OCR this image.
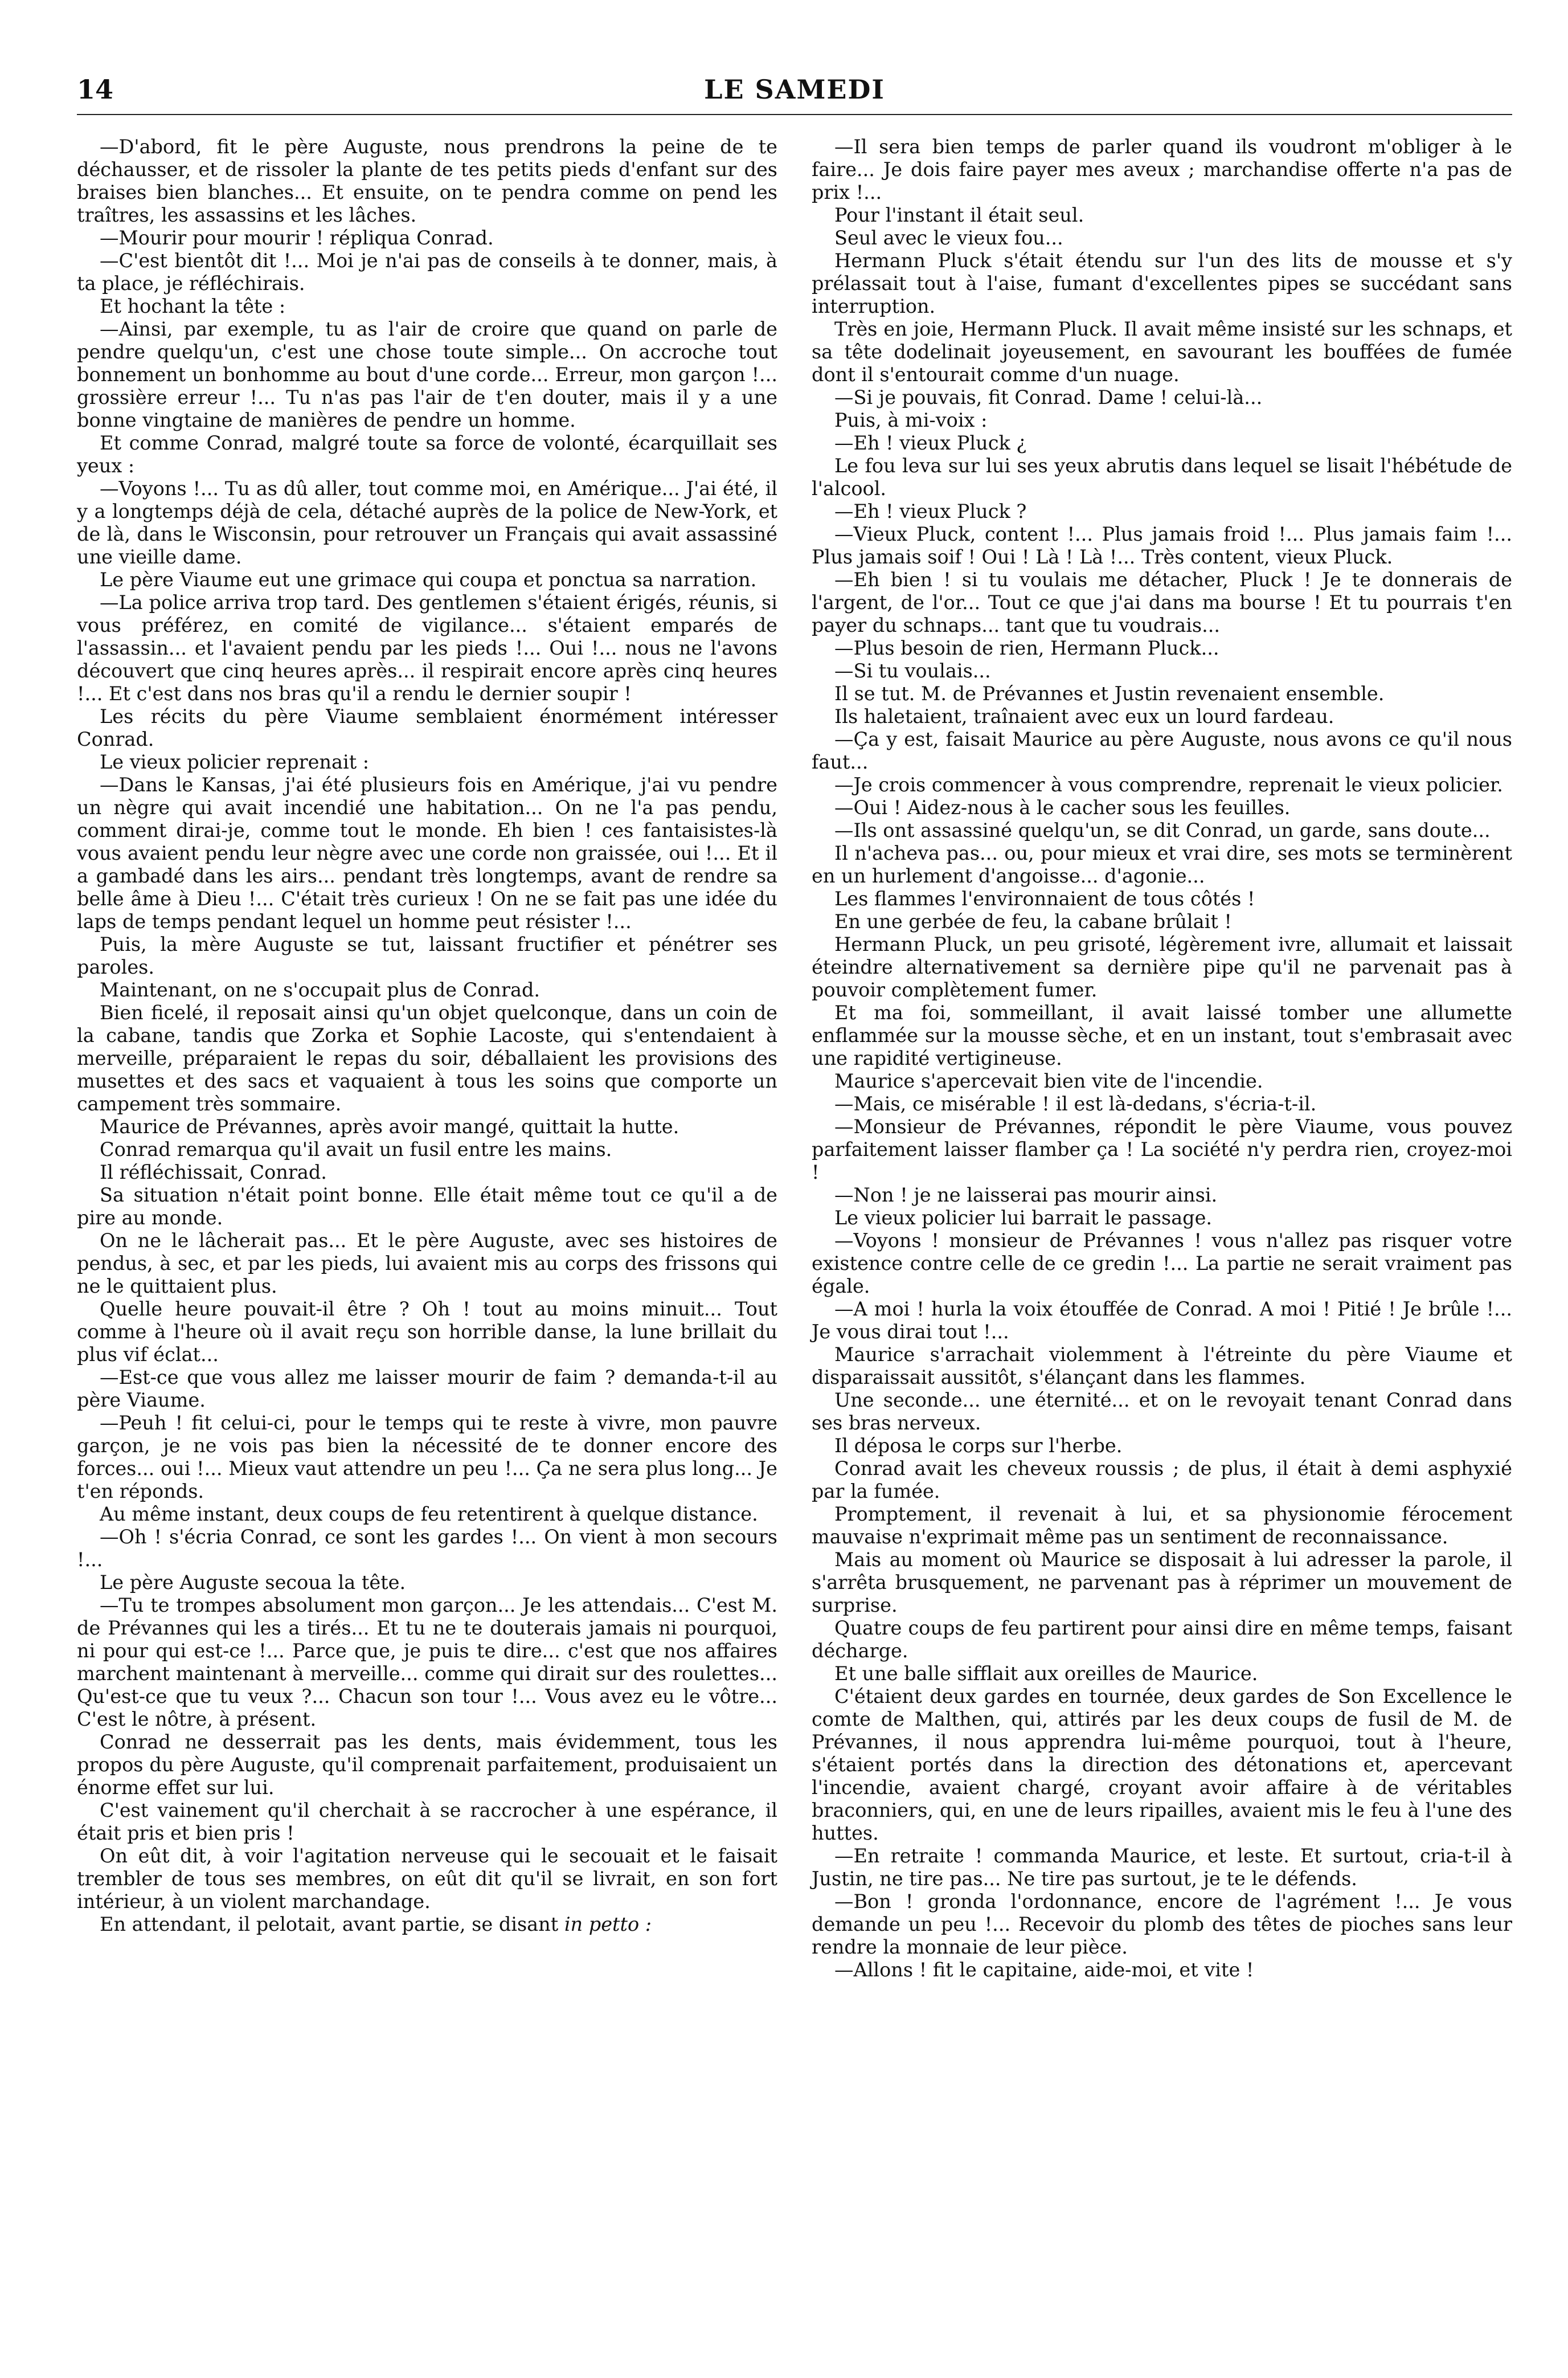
14	LE SAMEDI

—D'abord, fit le père Auguste, nous prendrons la peine de te déchausser, et de rissoler la plante de tes petits pieds d'enfant sur des braises bien blanches... Et ensuite, on te pendra comme on pend les traîtres, les assassins et les lâches.

—Mourir pour mourir ! répliqua Conrad.

—C'est bientôt dit !... Moi je n'ai pas de conseils à te donner, mais, à ta place, je réfléchirais.

Et hochant la tête :

—Ainsi, par exemple, tu as l'air de croire que quand on parle de pendre quelqu'un, c'est une chose toute simple... On accroche tout bonnement un bonhomme au bout d'une corde... Erreur, mon garçon !... grossière erreur !... Tu n'as pas l'air de t'en douter, mais il y a une bonne vingtaine de manières de pendre un homme.

Et comme Conrad, malgré toute sa force de volonté, écarquillait ses yeux :

—Voyons !... Tu as dû aller, tout comme moi, en Amérique... J'ai été, il y a longtemps déjà de cela, détaché auprès de la police de New-York, et de là, dans le Wisconsin, pour retrouver un Français qui avait assassiné une vieille dame.

Le père Viaume eut une grimace qui coupa et ponctua sa narration.

—La police arriva trop tard. Des gentlemen s'étaient érigés, réunis, si vous préférez, en comité de vigilance... s'étaient emparés de l'assassin... et l'avaient pendu par les pieds !... Oui !... nous ne l'avons découvert que cinq heures après... il respirait encore après cinq heures !... Et c'est dans nos bras qu'il a rendu le dernier soupir !

Les récits du père Viaume semblaient énormément intéresser Conrad.

Le vieux policier reprenait :

—Dans le Kansas, j'ai été plusieurs fois en Amérique, j'ai vu pendre un nègre qui avait incendié une habitation... On ne l'a pas pendu, comment dirai-je, comme tout le monde. Eh bien ! ces fantaisistes-là vous avaient pendu leur nègre avec une corde non graissée, oui !... Et il a gambadé dans les airs... pendant très longtemps, avant de rendre sa belle âme à Dieu !... C'était très curieux ! On ne se fait pas une idée du laps de temps pendant lequel un homme peut résister !...

Puis, la mère Auguste se tut, laissant fructifier et pénétrer ses paroles.

Maintenant, on ne s'occupait plus de Conrad.

Bien ficelé, il reposait ainsi qu'un objet quelconque, dans un coin de la cabane, tandis que Zorka et Sophie Lacoste, qui s'entendaient à merveille, préparaient le repas du soir, déballaient les provisions des musettes et des sacs et vaquaient à tous les soins que comporte un campement très sommaire.

Maurice de Prévannes, après avoir mangé, quittait la hutte.

Conrad remarqua qu'il avait un fusil entre les mains.

Il réfléchissait, Conrad.

Sa situation n'était point bonne. Elle était même tout ce qu'il a de pire au monde.

On ne le lâcherait pas... Et le père Auguste, avec ses histoires de pendus, à sec, et par les pieds, lui avaient mis au corps des frissons qui ne le quittaient plus.

Quelle heure pouvait-il être ? Oh ! tout au moins minuit... Tout comme à l'heure où il avait reçu son horrible danse, la lune brillait du plus vif éclat...

—Est-ce que vous allez me laisser mourir de faim ? demanda-t-il au père Viaume.

—Peuh ! fit celui-ci, pour le temps qui te reste à vivre, mon pauvre garçon, je ne vois pas bien la nécessité de te donner encore des forces... oui !... Mieux vaut attendre un peu !... Ça ne sera plus long... Je t'en réponds.

Au même instant, deux coups de feu retentirent à quelque distance.

—Oh ! s'écria Conrad, ce sont les gardes !... On vient à mon secours !...

Le père Auguste secoua la tête.

—Tu te trompes absolument mon garçon... Je les attendais... C'est M. de Prévannes qui les a tirés... Et tu ne te douterais jamais ni pourquoi, ni pour qui est-ce !... Parce que, je puis te dire... c'est que nos affaires marchent maintenant à merveille... comme qui dirait sur des roulettes... Qu'est-ce que tu veux ?... Chacun son tour !... Vous avez eu le vôtre... C'est le nôtre, à présent.

Conrad ne desserrait pas les dents, mais évidemment, tous les propos du père Auguste, qu'il comprenait parfaitement, produisaient un énorme effet sur lui.

C'est vainement qu'il cherchait à se raccrocher à une espérance, il était pris et bien pris !

On eût dit, à voir l'agitation nerveuse qui le secouait et le faisait trembler de tous ses membres, on eût dit qu'il se livrait, en son fort intérieur, à un violent marchandage.

En attendant, il pelotait, avant partie, se disant in petto :

—Il sera bien temps de parler quand ils voudront m'obliger à le faire... Je dois faire payer mes aveux ; marchandise offerte n'a pas de prix !...

Pour l'instant il était seul.

Seul avec le vieux fou...

Hermann Pluck s'était étendu sur l'un des lits de mousse et s'y prélassait tout à l'aise, fumant d'excellentes pipes se succédant sans interruption.

Très en joie, Hermann Pluck. Il avait même insisté sur les schnaps, et sa tête dodelinait joyeusement, en savourant les bouffées de fumée dont il s'entourait comme d'un nuage.

—Si je pouvais, fit Conrad. Dame ! celui-là...

Puis, à mi-voix :

—Eh ! vieux Pluck ¿

Le fou leva sur lui ses yeux abrutis dans lequel se lisait l'hébétude de l'alcool.

—Eh ! vieux Pluck ?

—Vieux Pluck, content !... Plus jamais froid !... Plus jamais faim !... Plus jamais soif ! Oui ! Là ! Là !... Très content, vieux Pluck.

—Eh bien ! si tu voulais me détacher, Pluck ! Je te donnerais de l'argent, de l'or... Tout ce que j'ai dans ma bourse ! Et tu pourrais t'en payer du schnaps... tant que tu voudrais...

—Plus besoin de rien, Hermann Pluck...

—Si tu voulais...

Il se tut. M. de Prévannes et Justin revenaient ensemble.

Ils haletaient, traînaient avec eux un lourd fardeau.

—Ça y est, faisait Maurice au père Auguste, nous avons ce qu'il nous faut...

—Je crois commencer à vous comprendre, reprenait le vieux policier.

—Oui ! Aidez-nous à le cacher sous les feuilles.

—Ils ont assassiné quelqu'un, se dit Conrad, un garde, sans doute...

Il n'acheva pas... ou, pour mieux et vrai dire, ses mots se terminèrent en un hurlement d'angoisse... d'agonie...

Les flammes l'environnaient de tous côtés !

En une gerbée de feu, la cabane brûlait !

Hermann Pluck, un peu grisoté, légèrement ivre, allumait et laissait éteindre alternativement sa dernière pipe qu'il ne parvenait pas à pouvoir complètement fumer.

Et ma foi, sommeillant, il avait laissé tomber une allumette enflammée sur la mousse sèche, et en un instant, tout s'embrasait avec une rapidité vertigineuse.

Maurice s'apercevait bien vite de l'incendie.

—Mais, ce misérable ! il est là-dedans, s'écria-t-il.

—Monsieur de Prévannes, répondit le père Viaume, vous pouvez parfaitement laisser flamber ça ! La société n'y perdra rien, croyez-moi !

—Non ! je ne laisserai pas mourir ainsi.

Le vieux policier lui barrait le passage.

—Voyons ! monsieur de Prévannes ! vous n'allez pas risquer votre existence contre celle de ce gredin !... La partie ne serait vraiment pas égale.

—A moi ! hurla la voix étouffée de Conrad. A moi ! Pitié ! Je brûle !... Je vous dirai tout !...

Maurice s'arrachait violemment à l'étreinte du père Viaume et disparaissait aussitôt, s'élançant dans les flammes.

Une seconde... une éternité... et on le revoyait tenant Conrad dans ses bras nerveux.

Il déposa le corps sur l'herbe.

Conrad avait les cheveux roussis ; de plus, il était à demi asphyxié par la fumée.

Promptement, il revenait à lui, et sa physionomie férocement mauvaise n'exprimait même pas un sentiment de reconnaissance.

Mais au moment où Maurice se disposait à lui adresser la parole, il s'arrêta brusquement, ne parvenant pas à réprimer un mouvement de surprise.

Quatre coups de feu partirent pour ainsi dire en même temps, faisant décharge.

Et une balle sifflait aux oreilles de Maurice.

C'étaient deux gardes en tournée, deux gardes de Son Excellence le comte de Malthen, qui, attirés par les deux coups de fusil de M. de Prévannes, il nous apprendra lui-même pourquoi, tout à l'heure, s'étaient portés dans la direction des détonations et, apercevant l'incendie, avaient chargé, croyant avoir affaire à de véritables braconniers, qui, en une de leurs ripailles, avaient mis le feu à l'une des huttes.

—En retraite ! commanda Maurice, et leste. Et surtout, cria-t-il à Justin, ne tire pas... Ne tire pas surtout, je te le défends.

—Bon ! gronda l'ordonnance, encore de l'agrément !... Je vous demande un peu !... Recevoir du plomb des têtes de pioches sans leur rendre la monnaie de leur pièce.

—Allons ! fit le capitaine, aide-moi, et vite !
